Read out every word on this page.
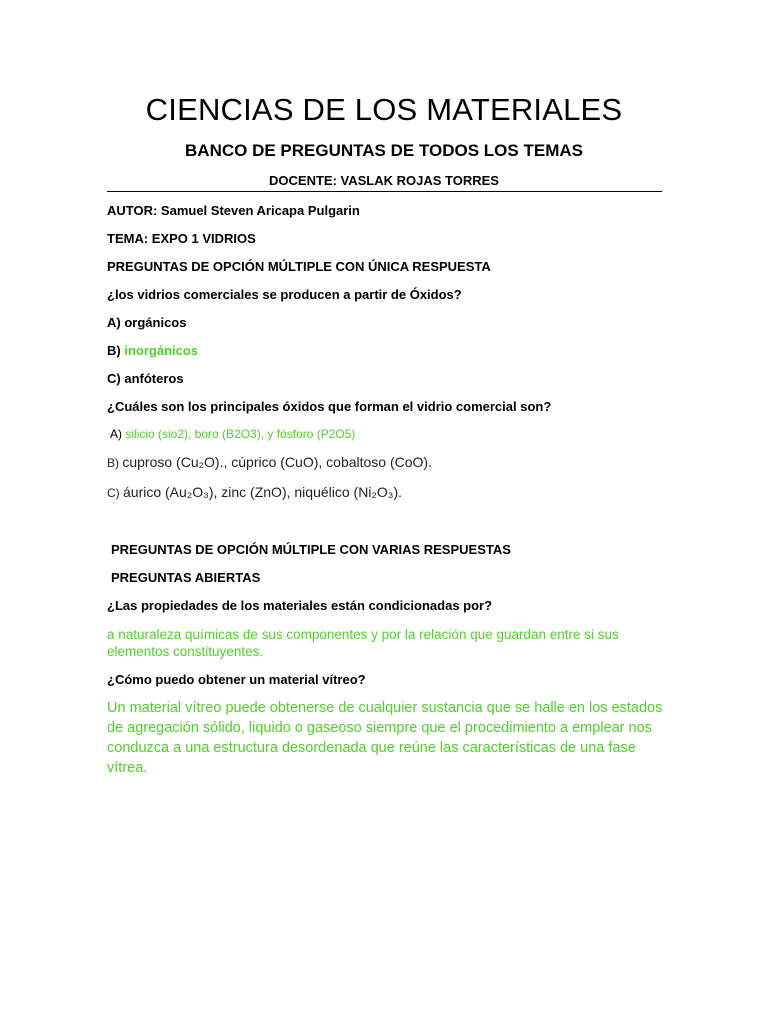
CIENCIAS DE LOS MATERIALES
BANCO DE PREGUNTAS DE TODOS LOS TEMAS
DOCENTE: VASLAK ROJAS TORRES
AUTOR: Samuel Steven Aricapa Pulgarin
TEMA: EXPO 1 VIDRIOS
PREGUNTAS DE OPCIÓN MÚLTIPLE CON ÚNICA RESPUESTA
¿los vidrios comerciales se producen a partir de Óxidos?
A) orgánicos
B) inorgánicos
C) anfóteros
¿Cuáles son los principales óxidos que forman el vidrio comercial son?
A) silicio (sio2), boro (B2O3), y fósforo (P2O5)
B) cuproso (Cu₂O)., cúprico (CuO), cobaltoso (CoO).
C) áurico (Au₂O₃), zinc (ZnO), niquélico (Ni₂O₃).
PREGUNTAS DE OPCIÓN MÚLTIPLE CON VARIAS RESPUESTAS
PREGUNTAS ABIERTAS
¿Las propiedades de los materiales están condicionadas por?
a naturaleza químicas de sus componentes y por la relación que guardan entre si sus elementos constituyentes.
¿Cómo puedo obtener un material vítreo?
Un material vítreo puede obtenerse de cualquier sustancia que se halle en los estados de agregación sólido, liquido o gaseoso siempre que el procedimiento a emplear nos conduzca a una estructura desordenada que reúne las características de una fase vítrea.
